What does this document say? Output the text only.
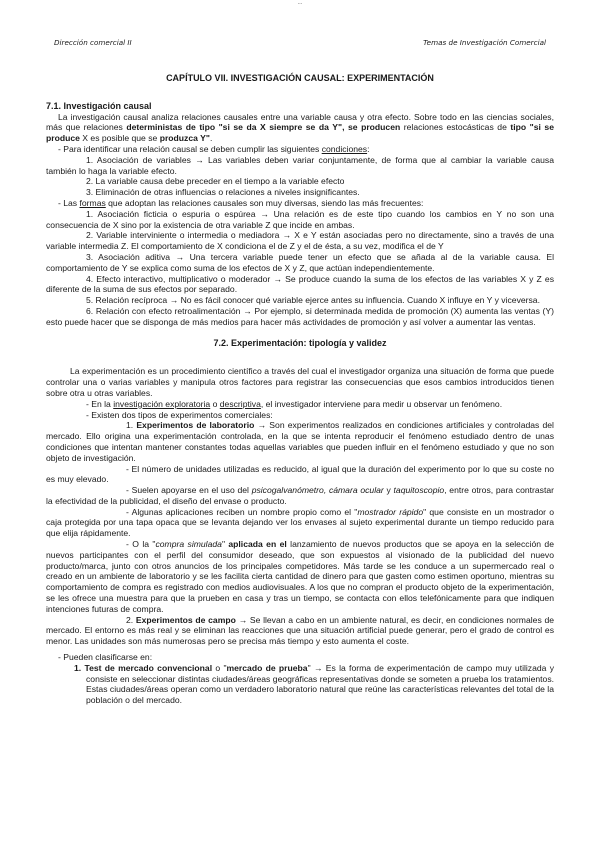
...
Dirección comercial II	Temas de Investigación Comercial

CAPÍTULO VII. INVESTIGACIÓN CAUSAL: EXPERIMENTACIÓN

7.1. Investigación causal

La investigación causal analiza relaciones causales entre una variable causa y otra efecto. Sobre todo en las ciencias sociales, más que relaciones deterministas de tipo "si se da X siempre se da Y", se producen relaciones estocásticas de tipo "si se produce X es posible que se produzca Y".

- Para identificar una relación causal se deben cumplir las siguientes condiciones:

1. Asociación de variables → Las variables deben variar conjuntamente, de forma que al cambiar la variable causa también lo haga la variable efecto.

2. La variable causa debe preceder en el tiempo a la variable efecto

3. Eliminación de otras influencias o relaciones a niveles insignificantes.

- Las formas que adoptan las relaciones causales son muy diversas, siendo las más frecuentes:

1. Asociación ficticia o espuria o espúrea → Una relación es de este tipo cuando los cambios en Y no son una consecuencia de X sino por la existencia de otra variable Z que incide en ambas.

2. Variable interviniente o intermedia o mediadora → X e Y están asociadas pero no directamente, sino a través de una variable intermedia Z. El comportamiento de X condiciona el de Z y el de ésta, a su vez, modifica el de Y

3. Asociación aditiva → Una tercera variable puede tener un efecto que se añada al de la variable causa. El comportamiento de Y se explica como suma de los efectos de X y Z, que actúan independientemente.

4. Efecto interactivo, multiplicativo o moderador → Se produce cuando la suma de los efectos de las variables X y Z es diferente de la suma de sus efectos por separado.

5. Relación recíproca → No es fácil conocer qué variable ejerce antes su influencia. Cuando X influye en Y y viceversa.

6. Relación con efecto retroalimentación → Por ejemplo, si determinada medida de promoción (X) aumenta las ventas (Y) esto puede hacer que se disponga de más medios para hacer más actividades de promoción y así volver a aumentar las ventas.

7.2. Experimentación: tipología y validez

La experimentación es un procedimiento científico a través del cual el investigador organiza una situación de forma que puede controlar una o varias variables y manipula otros factores para registrar las consecuencias que esos cambios introducidos tienen sobre otra u otras variables.

- En la investigación exploratoria o descriptiva, el investigador interviene para medir u observar un fenómeno.

- Existen dos tipos de experimentos comerciales:

1. Experimentos de laboratorio → Son experimentos realizados en condiciones artificiales y controladas del mercado. Ello origina una experimentación controlada, en la que se intenta reproducir el fenómeno estudiado dentro de unas condiciones que intentan mantener constantes todas aquellas variables que pueden influir en el fenómeno estudiado y que no son objeto de investigación.

- El número de unidades utilizadas es reducido, al igual que la duración del experimento por lo que su coste no es muy elevado.

- Suelen apoyarse en el uso del psicogalvanómetro, cámara ocular y taquitoscopio, entre otros, para contrastar la efectividad de la publicidad, el diseño del envase o producto.

- Algunas aplicaciones reciben un nombre propio como el "mostrador rápido" que consiste en un mostrador o caja protegida por una tapa opaca que se levanta dejando ver los envases al sujeto experimental durante un tiempo reducido para que elija rápidamente.

- O la "compra simulada" aplicada en el lanzamiento de nuevos productos que se apoya en la selección de nuevos participantes con el perfil del consumidor deseado, que son expuestos al visionado de la publicidad del nuevo producto/marca, junto con otros anuncios de los principales competidores. Más tarde se les conduce a un supermercado real o creado en un ambiente de laboratorio y se les facilita cierta cantidad de dinero para que gasten como estimen oportuno, mientras su comportamiento de compra es registrado con medios audiovisuales. A los que no compran el producto objeto de la experimentación, se les ofrece una muestra para que la prueben en casa y tras un tiempo, se contacta con ellos telefónicamente para que indiquen intenciones futuras de compra.

2. Experimentos de campo → Se llevan a cabo en un ambiente natural, es decir, en condiciones normales de mercado. El entorno es más real y se eliminan las reacciones que una situación artificial puede generar, pero el grado de control es menor. Las unidades son más numerosas pero se precisa más tiempo y esto aumenta el coste.

- Pueden clasificarse en:

1. Test de mercado convencional o "mercado de prueba" → Es la forma de experimentación de campo muy utilizada y consiste en seleccionar distintas ciudades/áreas geográficas representativas donde se someten a prueba los tratamientos. Estas ciudades/áreas operan como un verdadero laboratorio natural que reúne las características relevantes del total de la población o del mercado.
